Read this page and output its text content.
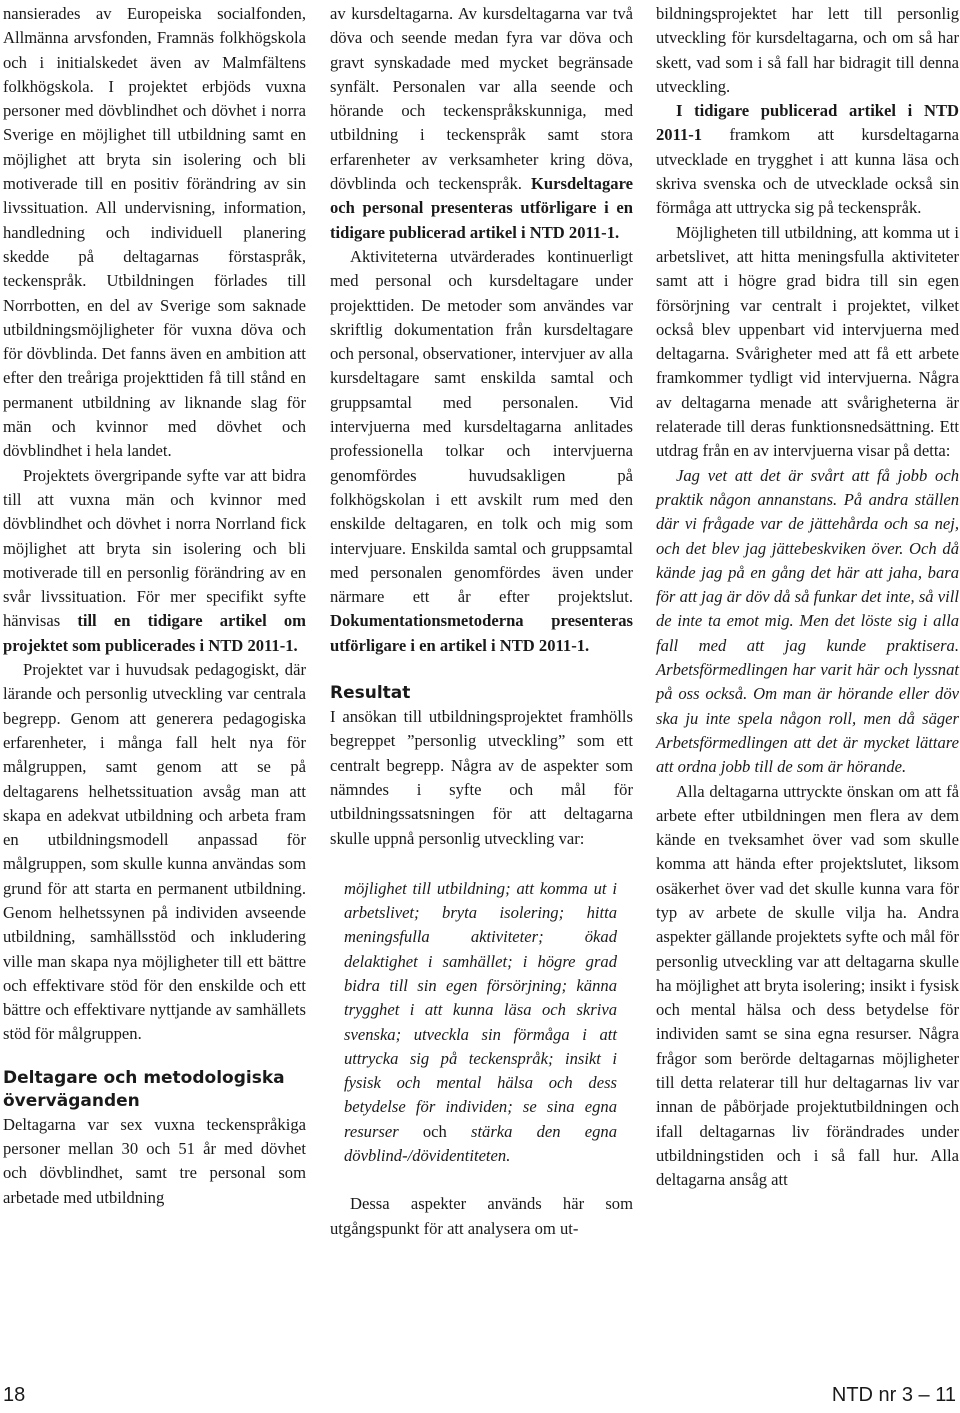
nansierades av Europeiska socialfonden, Allmänna arvsfonden, Framnäs folkhögskola och i initialskedet även av Malmfältens folkhögskola. I projektet erbjöds vuxna personer med dövblindhet och dövhet i norra Sverige en möjlighet till utbildning samt en möjlighet att bryta sin isolering och bli motiverade till en positiv förändring av sin livssituation. All undervisning, information, handledning och individuell planering skedde på deltagarnas förstaspråk, teckenspråk. Utbildningen förlades till Norrbotten, en del av Sverige som saknade utbildningsmöjligheter för vuxna döva och för dövblinda. Det fanns även en ambition att efter den treåriga projekttiden få till stånd en permanent utbildning av liknande slag för män och kvinnor med dövhet och dövblindhet i hela landet.

Projektets övergripande syfte var att bidra till att vuxna män och kvinnor med dövblindhet och dövhet i norra Norrland fick möjlighet att bryta sin isolering och bli motiverade till en personlig förändring av en svår livssituation. För mer specifikt syfte hänvisas till en tidigare artikel om projektet som publicerades i NTD 2011-1.

Projektet var i huvudsak pedagogiskt, där lärande och personlig utveckling var centrala begrepp. Genom att generera pedagogiska erfarenheter, i många fall helt nya för målgruppen, samt genom att se på deltagarens helhetssituation avsåg man att skapa en adekvat utbildning och arbeta fram en utbildningsmodell anpassad för målgruppen, som skulle kunna användas som grund för att starta en permanent utbildning. Genom helhetssynen på individen avseende utbildning, samhällsstöd och inkludering ville man skapa nya möjligheter till ett bättre och effektivare stöd för den enskilde och ett bättre och effektivare nyttjande av samhällets stöd för målgruppen.

Deltagare och metodologiska överväganden

Deltagarna var sex vuxna teckenspråkiga personer mellan 30 och 51 år med dövhet och dövblindhet, samt tre personal som arbetade med utbildning

av kursdeltagarna. Av kursdeltagarna var två döva och seende medan fyra var döva och gravt synskadade med mycket begränsade synfält. Personalen var alla seende och hörande och teckenspråkskunniga, med utbildning i teckenspråk samt stora erfarenheter av verksamheter kring döva, dövblinda och teckenspråk. Kursdeltagare och personal presenteras utförligare i en tidigare publicerad artikel i NTD 2011-1.

Aktiviteterna utvärderades kontinuerligt med personal och kursdeltagare under projekttiden. De metoder som användes var skriftlig dokumentation från kursdeltagare och personal, observationer, intervjuer av alla kursdeltagare samt enskilda samtal och gruppsamtal med personalen. Vid intervjuerna med kursdeltagarna anlitades professionella tolkar och intervjuerna genomfördes huvudsakligen på folkhögskolan i ett avskilt rum med den enskilde deltagaren, en tolk och mig som intervjuare. Enskilda samtal och gruppsamtal med personalen genomfördes även under närmare ett år efter projektslut. Dokumentationsmetoderna presenteras utförligare i en artikel i NTD 2011-1.

Resultat

I ansökan till utbildningsprojektet framhölls begreppet ”personlig utveckling” som ett centralt begrepp. Några av de aspekter som nämndes i syfte och mål för utbildningssatsningen för att deltagarna skulle uppnå personlig utveckling var:

möjlighet till utbildning; att komma ut i arbetslivet; bryta isolering; hitta meningsfulla aktiviteter; ökad delaktighet i samhället; i högre grad bidra till sin egen försörjning; känna trygghet i att kunna läsa och skriva svenska; utveckla sin förmåga i att uttrycka sig på teckenspråk; insikt i fysisk och mental hälsa och dess betydelse för individen; se sina egna resurser och stärka den egna dövblind-/dövidentiteten.

Dessa aspekter används här som utgångspunkt för att analysera om ut-

bildningsprojektet har lett till personlig utveckling för kursdeltagarna, och om så har skett, vad som i så fall har bidragit till denna utveckling.

I tidigare publicerad artikel i NTD 2011-1 framkom att kursdeltagarna utvecklade en trygghet i att kunna läsa och skriva svenska och de utvecklade också sin förmåga att uttrycka sig på teckenspråk.

Möjligheten till utbildning, att komma ut i arbetslivet, att hitta meningsfulla aktiviteter samt att i högre grad bidra till sin egen försörjning var centralt i projektet, vilket också blev uppenbart vid intervjuerna med deltagarna. Svårigheter med att få ett arbete framkommer tydligt vid intervjuerna. Några av deltagarna menade att svårigheterna är relaterade till deras funktionsnedsättning. Ett utdrag från en av intervjuerna visar på detta:

Jag vet att det är svårt att få jobb och praktik någon annanstans. På andra ställen där vi frågade var de jättehårda och sa nej, och det blev jag jättebeskviken över. Och då kände jag på en gång det här att jaha, bara för att jag är döv då så funkar det inte, så vill de inte ta emot mig. Men det löste sig i alla fall med att jag kunde praktisera. Arbetsförmedlingen har varit här och lyssnat på oss också. Om man är hörande eller döv ska ju inte spela någon roll, men då säger Arbetsförmedlingen att det är mycket lättare att ordna jobb till de som är hörande.

Alla deltagarna uttryckte önskan om att få arbete efter utbildningen men flera av dem kände en tveksamhet över vad som skulle komma att hända efter projektslutet, liksom osäkerhet över vad det skulle kunna vara för typ av arbete de skulle vilja ha. Andra aspekter gällande projektets syfte och mål för personlig utveckling var att deltagarna skulle ha möjlighet att bryta isolering; insikt i fysisk och mental hälsa och dess betydelse för individen samt se sina egna resurser. Några frågor som berörde deltagarnas möjligheter till detta relaterar till hur deltagarnas liv var innan de påbörjade projektutbildningen och ifall deltagarnas liv förändrades under utbildningstiden och i så fall hur. Alla deltagarna ansåg att

18	NTD nr 3 – 11
